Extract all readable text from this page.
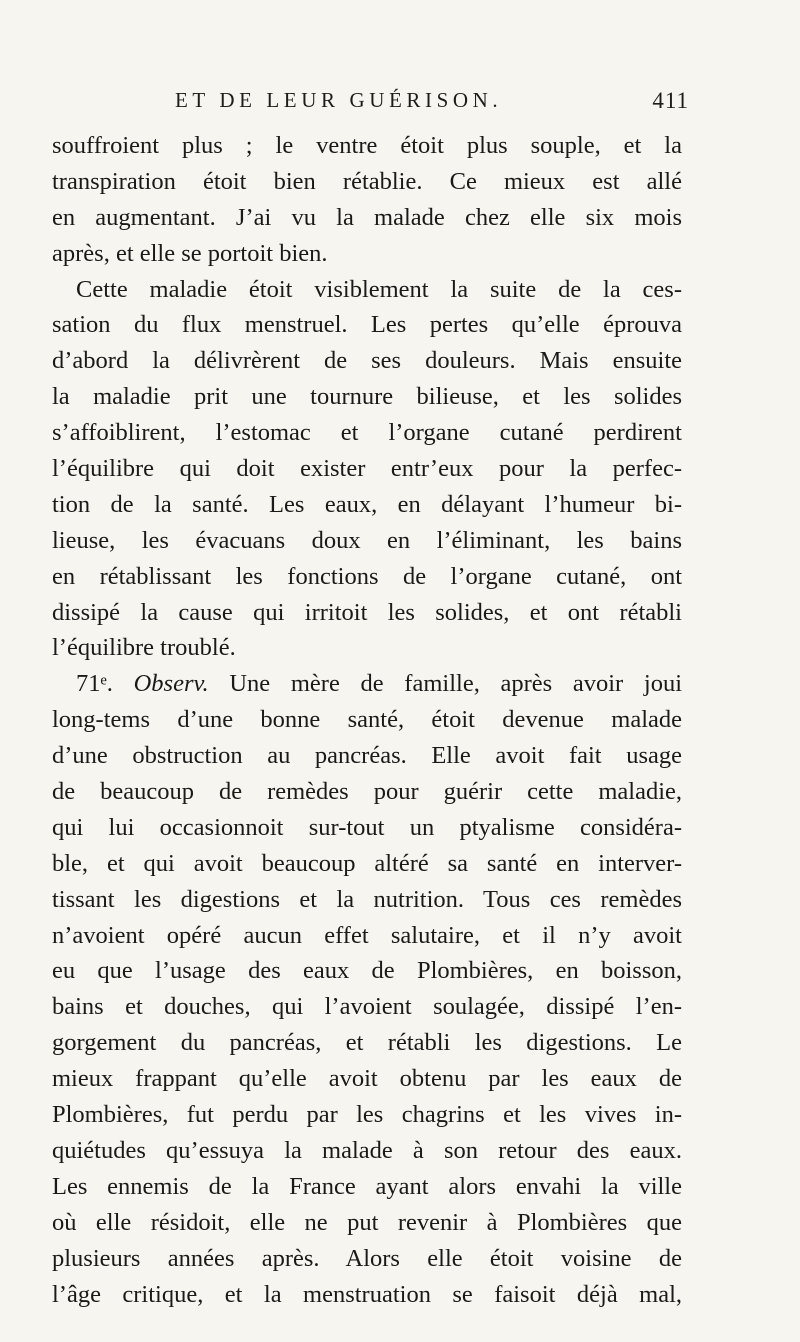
ET DE LEUR GUÉRISON.	411
souffroient plus ; le ventre étoit plus souple, et la
transpiration étoit bien rétablie. Ce mieux est allé
en augmentant. J’ai vu la malade chez elle six mois
après, et elle se portoit bien.
Cette maladie étoit visiblement la suite de la ces-
sation du flux menstruel. Les pertes qu’elle éprouva
d’abord la délivrèrent de ses douleurs. Mais ensuite
la maladie prit une tournure bilieuse, et les solides
s’affoiblirent, l’estomac et l’organe cutané perdirent
l’équilibre qui doit exister entr’eux pour la perfec-
tion de la santé. Les eaux, en délayant l’humeur bi-
lieuse, les évacuans doux en l’éliminant, les bains
en rétablissant les fonctions de l’organe cutané, ont
dissipé la cause qui irritoit les solides, et ont rétabli
l’équilibre troublé.
71ᵉ. Observ. Une mère de famille, après avoir joui
long-tems d’une bonne santé, étoit devenue malade
d’une obstruction au pancréas. Elle avoit fait usage
de beaucoup de remèdes pour guérir cette maladie,
qui lui occasionnoit sur-tout un ptyalisme considéra-
ble, et qui avoit beaucoup altéré sa santé en interver-
tissant les digestions et la nutrition. Tous ces remèdes
n’avoient opéré aucun effet salutaire, et il n’y avoit
eu que l’usage des eaux de Plombières, en boisson,
bains et douches, qui l’avoient soulagée, dissipé l’en-
gorgement du pancréas, et rétabli les digestions. Le
mieux frappant qu’elle avoit obtenu par les eaux de
Plombières, fut perdu par les chagrins et les vives in-
quiétudes qu’essuya la malade à son retour des eaux.
Les ennemis de la France ayant alors envahi la ville
où elle résidoit, elle ne put revenir à Plombières que
plusieurs années après. Alors elle étoit voisine de
l’âge critique, et la menstruation se faisoit déjà mal,
